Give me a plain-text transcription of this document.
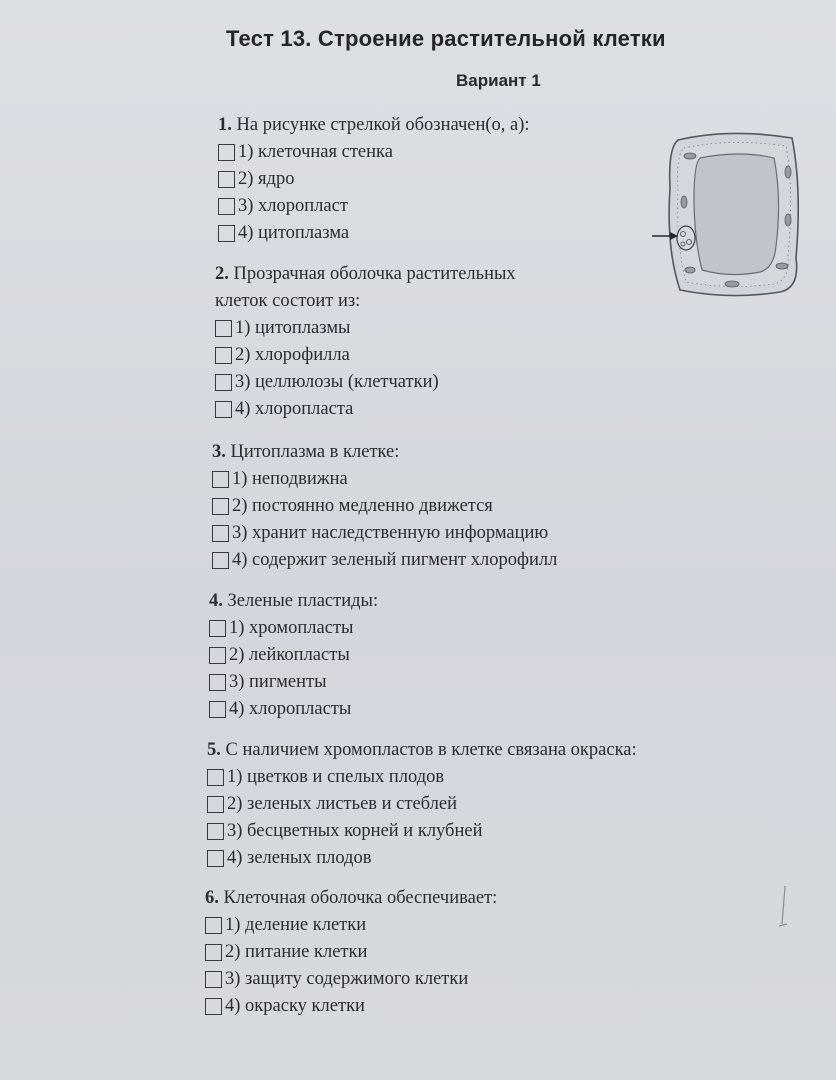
Тест 13. Строение растительной клетки
Вариант 1
1. На рисунке стрелкой обозначен(о, а):
1) клеточная стенка
2) ядро
3) хлоропласт
4) цитоплазма
2. Прозрачная оболочка растительных
клеток состоит из:
1) цитоплазмы
2) хлорофилла
3) целлюлозы (клетчатки)
4) хлоропласта
3. Цитоплазма в клетке:
1) неподвижна
2) постоянно медленно движется
3) хранит наследственную информацию
4) содержит зеленый пигмент хлорофилл
4. Зеленые пластиды:
1) хромопласты
2) лейкопласты
3) пигменты
4) хлоропласты
5. С наличием хромопластов в клетке связана окраска:
1) цветков и спелых плодов
2) зеленых листьев и стеблей
3) бесцветных корней и клубней
4) зеленых плодов
6. Клеточная оболочка обеспечивает:
1) деление клетки
2) питание клетки
3) защиту содержимого клетки
4) окраску клетки
